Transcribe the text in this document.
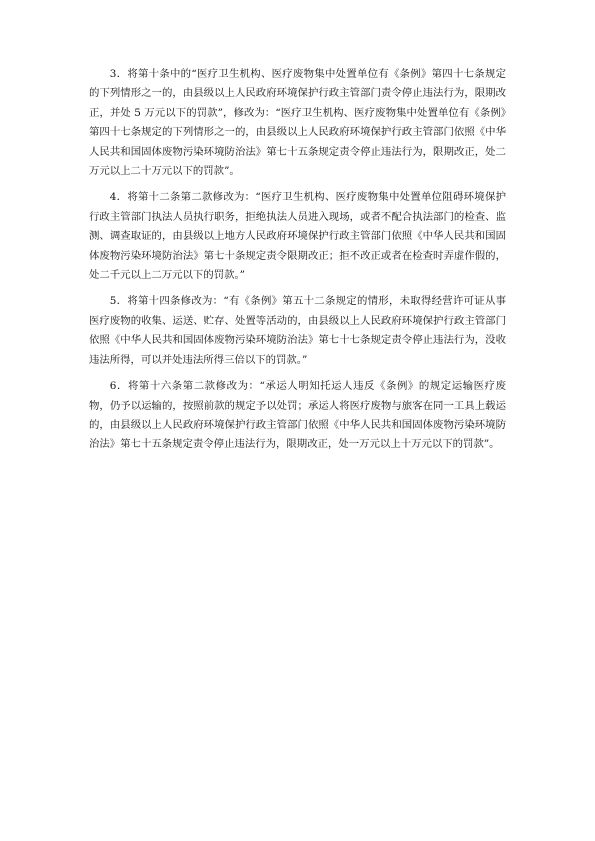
3．将第十条中的“医疗卫生机构、医疗废物集中处置单位有《条例》第四十七条规定的下列情形之一的，由县级以上人民政府环境保护行政主管部门责令停止违法行为，限期改正，并处 5 万元以下的罚款”，修改为：“医疗卫生机构、医疗废物集中处置单位有《条例》第四十七条规定的下列情形之一的，由县级以上人民政府环境保护行政主管部门依照《中华人民共和国固体废物污染环境防治法》第七十五条规定责令停止违法行为，限期改正，处二万元以上二十万元以下的罚款”。

4．将第十二条第二款修改为：“医疗卫生机构、医疗废物集中处置单位阻碍环境保护行政主管部门执法人员执行职务，拒绝执法人员进入现场，或者不配合执法部门的检查、监测、调查取证的，由县级以上地方人民政府环境保护行政主管部门依照《中华人民共和国固体废物污染环境防治法》第七十条规定责令限期改正；拒不改正或者在检查时弄虚作假的，处二千元以上二万元以下的罚款。”

5．将第十四条修改为：“有《条例》第五十二条规定的情形，未取得经营许可证从事医疗废物的收集、运送、贮存、处置等活动的，由县级以上人民政府环境保护行政主管部门依照《中华人民共和国固体废物污染环境防治法》第七十七条规定责令停止违法行为，没收违法所得，可以并处违法所得三倍以下的罚款。”

6．将第十六条第二款修改为：“承运人明知托运人违反《条例》的规定运输医疗废物，仍予以运输的，按照前款的规定予以处罚；承运人将医疗废物与旅客在同一工具上载运的，由县级以上人民政府环境保护行政主管部门依照《中华人民共和国固体废物污染环境防治法》第七十五条规定责令停止违法行为，限期改正，处一万元以上十万元以下的罚款”。
